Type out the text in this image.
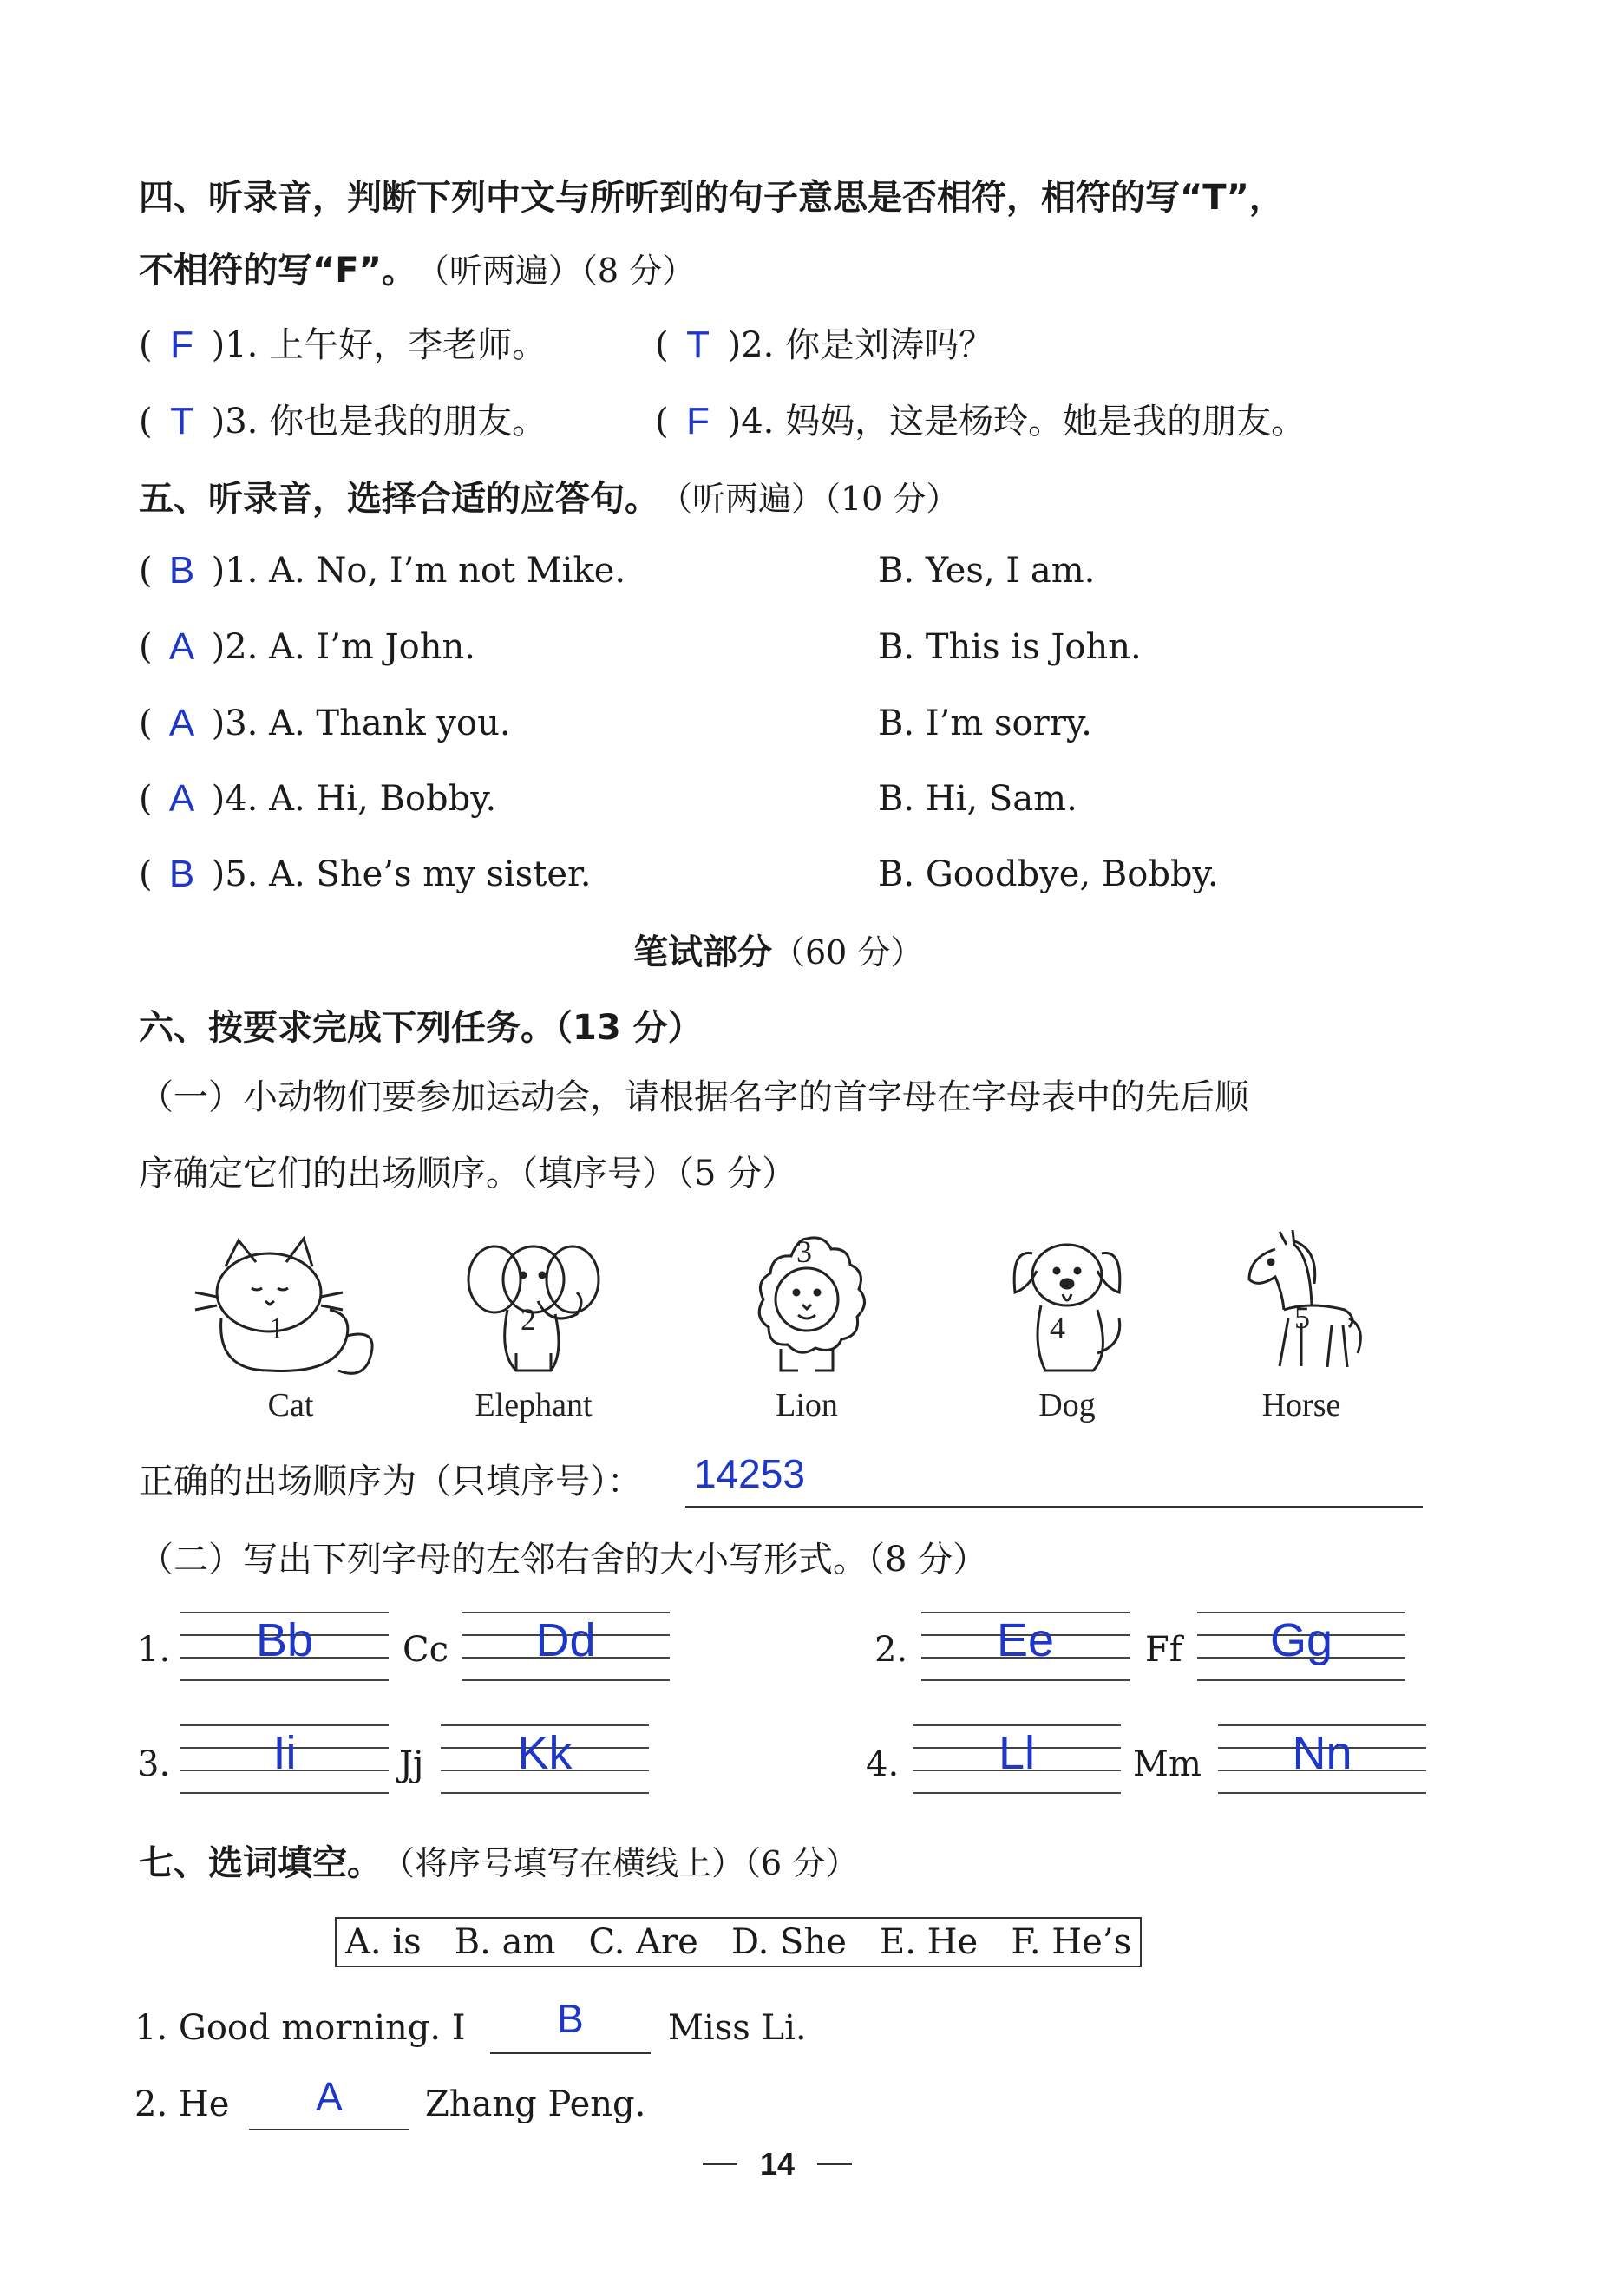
四、听录音，判断下列中文与所听到的句子意思是否相符，相符的写“T”，
不相符的写“F”。 （听两遍）（8 分）
( F )1. 上午好，李老师。	( T )2. 你是刘涛吗？
( T )3. 你也是我的朋友。	( F )4. 妈妈，这是杨玲。她是我的朋友。
五、听录音，选择合适的应答句。 （听两遍）（10 分）
( B )1. A. No, I’m not Mike.	B. Yes, I am.
( A )2. A. I’m John.	B. This is John.
( A )3. A. Thank you.	B. I’m sorry.
( A )4. A. Hi, Bobby.	B. Hi, Sam.
( B )5. A. She’s my sister.	B. Goodbye, Bobby.
笔试部分 （60 分）
六、按要求完成下列任务。（13 分）
（一）小动物们要参加运动会，请根据名字的首字母在字母表中的先后顺
序确定它们的出场顺序。（填序号）（5 分）
1
Cat
2
Elephant
3
Lion
4
Dog
5
Horse
正确的出场顺序为（只填序号）： 14253
（二）写出下列字母的左邻右舍的大小写形式。（8 分）
1.	Bb	Cc	Dd	2.	Ee	Ff	Gg
3.	Ii	Jj	Kk	4.	Ll	Mm	Nn
七、选词填空。 （将序号填写在横线上）（6 分）
A. is   B. am   C. Are   D. She   E. He   F. He’s
1. Good morning. I	B	Miss Li.
2. He	A	Zhang Peng.
14
